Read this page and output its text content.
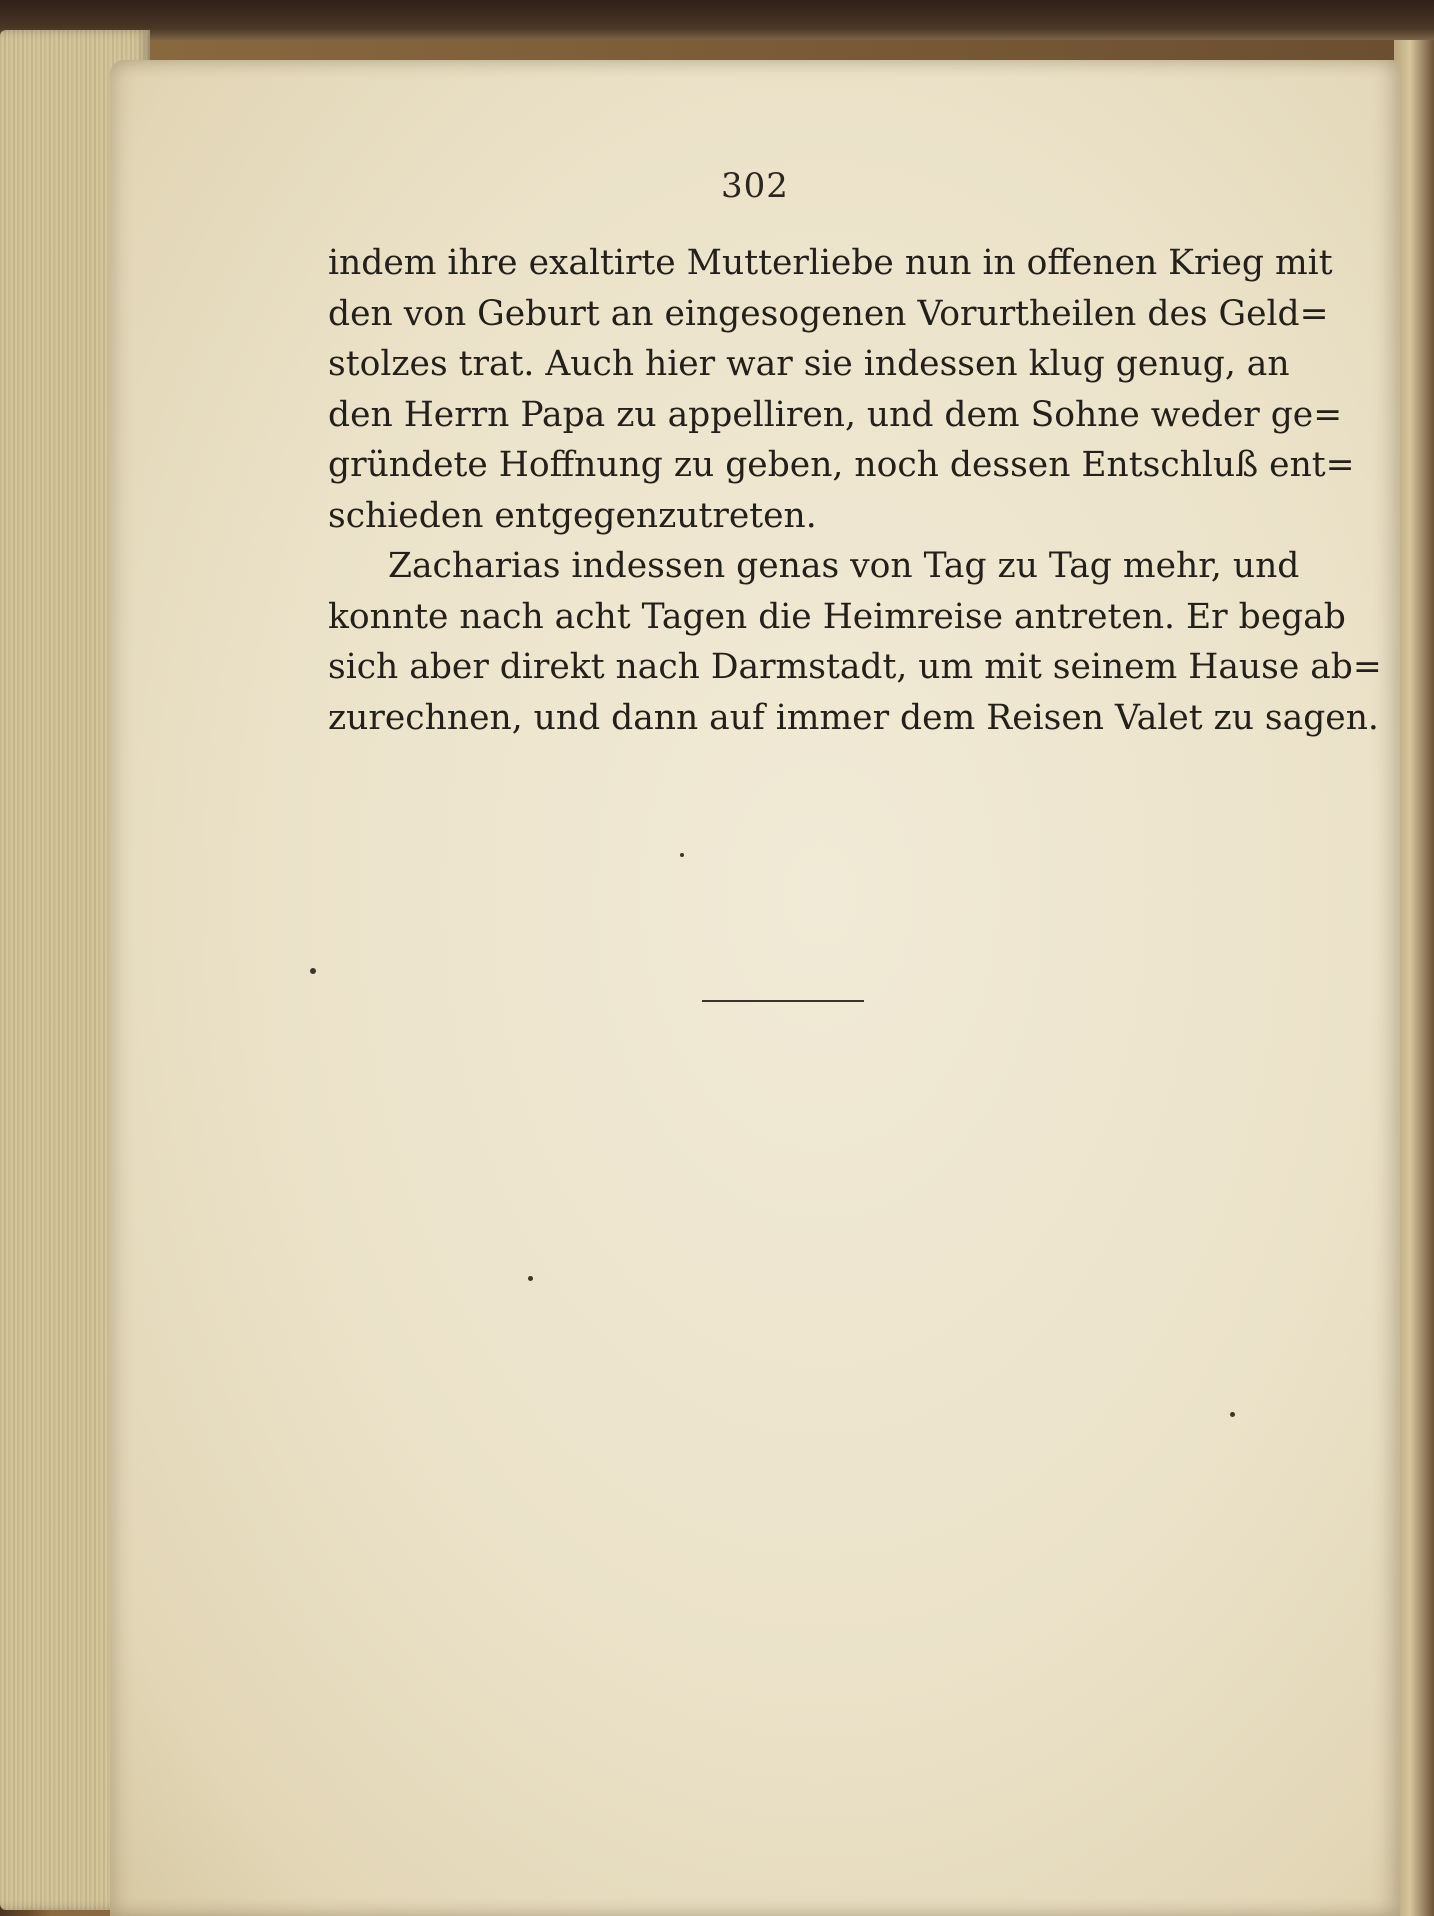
302

indem ihre exaltirte Mutterliebe nun in offenen Krieg mit
den von Geburt an eingesogenen Vorurtheilen des Geld=
stolzes trat. Auch hier war sie indessen klug genug, an
den Herrn Papa zu appelliren, und dem Sohne weder ge=
gründete Hoffnung zu geben, noch dessen Entschluß ent=
schieden entgegenzutreten.

Zacharias indessen genas von Tag zu Tag mehr, und
konnte nach acht Tagen die Heimreise antreten. Er begab
sich aber direkt nach Darmstadt, um mit seinem Hause ab=
zurechnen, und dann auf immer dem Reisen Valet zu sagen.
